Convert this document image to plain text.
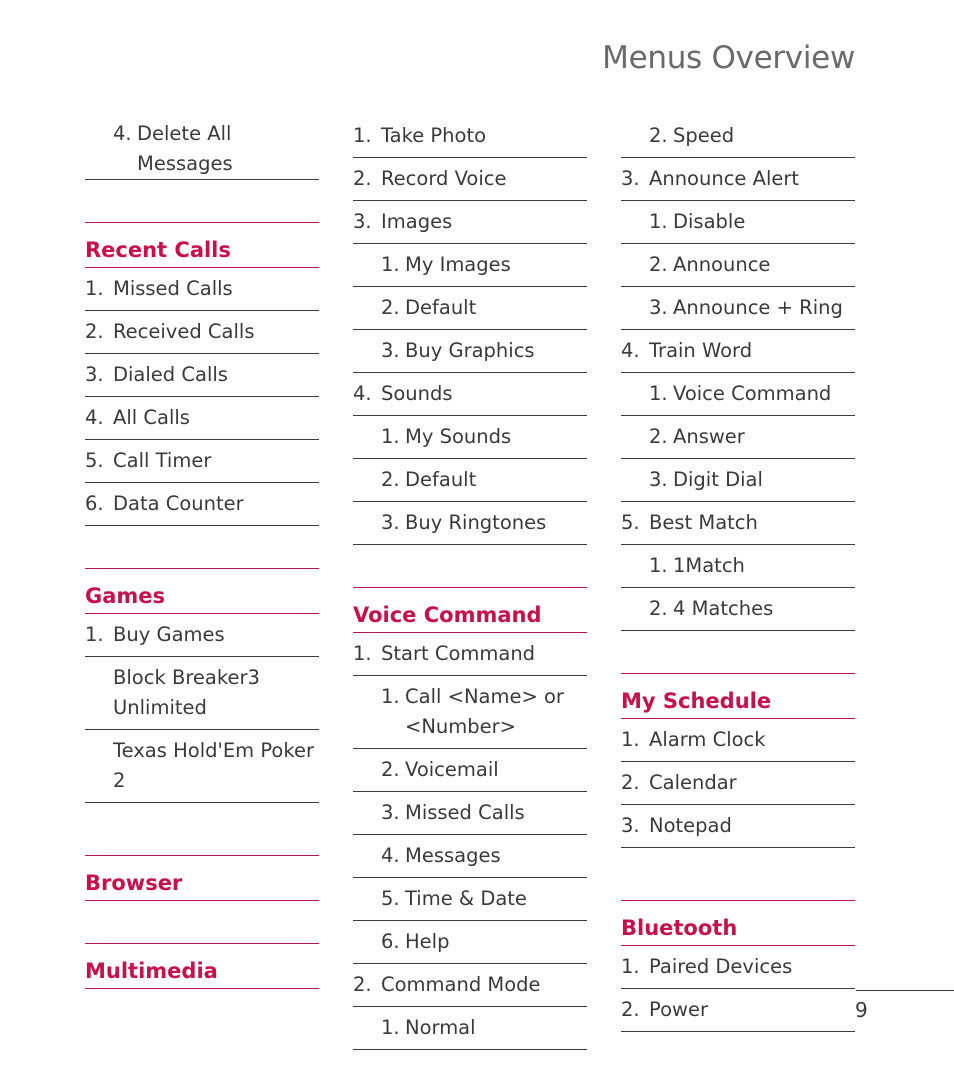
Menus Overview
4. Delete All Messages
Recent Calls
1. Missed Calls
2. Received Calls
3. Dialed Calls
4. All Calls
5. Call Timer
6. Data Counter
Games
1. Buy Games
Block Breaker3 Unlimited
Texas Hold'Em Poker 2
Browser
Multimedia
1. Take Photo
2. Record Voice
3. Images
1. My Images
2. Default
3. Buy Graphics
4. Sounds
1. My Sounds
2. Default
3. Buy Ringtones
Voice Command
1. Start Command
1. Call <Name> or <Number>
2. Voicemail
3. Missed Calls
4. Messages
5. Time & Date
6. Help
2. Command Mode
1. Normal
2. Speed
3. Announce Alert
1. Disable
2. Announce
3. Announce + Ring
4. Train Word
1. Voice Command
2. Answer
3. Digit Dial
5. Best Match
1. 1Match
2. 4 Matches
My Schedule
1. Alarm Clock
2. Calendar
3. Notepad
Bluetooth
1. Paired Devices
2. Power	9
